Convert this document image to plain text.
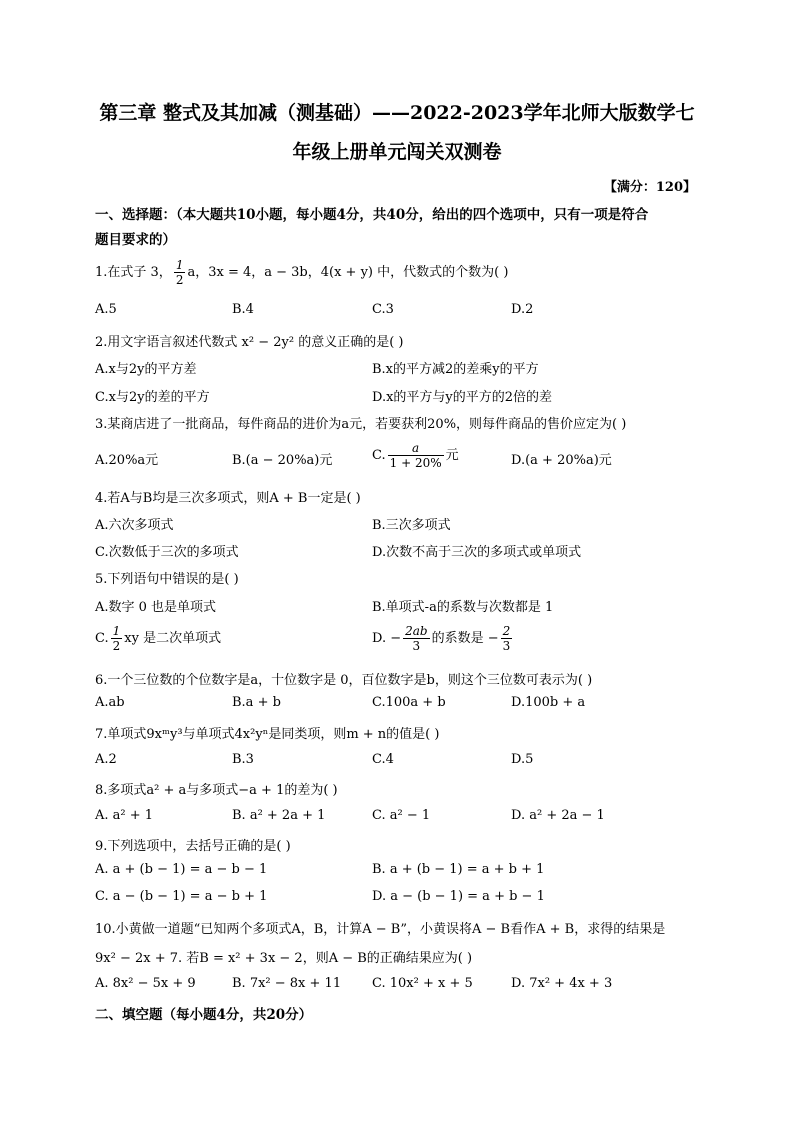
第三章 整式及其加减（测基础）——2022-2023学年北师大版数学七
年级上册单元闯关双测卷
【满分：120】
一、选择题：（本大题共10小题，每小题4分，共40分，给出的四个选项中，只有一项是符合
题目要求的）
1.在式子 3， $\frac{1}{2}$ a，3x = 4，a − 3b，4(x + y) 中，代数式的个数为( )
A.5	B.4	C.3	D.2
2.用文字语言叙述代数式 x² − 2y² 的意义正确的是( )
A.x与2y的平方差	B.x的平方减2的差乘y的平方
C.x与2y的差的平方	D.x的平方与y的平方的2倍的差
3.某商店进了一批商品，每件商品的进价为a元，若要获利20%，则每件商品的售价应定为( )
A.20%a元	B.(a − 20%a)元	C. $\frac{a}{1 + 20\%}$ 元	D.(a + 20%a)元
4.若A与B均是三次多项式，则A + B一定是( )
A.六次多项式	B.三次多项式
C.次数低于三次的多项式	D.次数不高于三次的多项式或单项式
5.下列语句中错误的是( )
A.数字 0 也是单项式	B.单项式-a的系数与次数都是 1
C. $\frac{1}{2}$ xy 是二次单项式	D. − $\frac{2ab}{3}$ 的系数是 − $\frac{2}{3}$
6.一个三位数的个位数字是a，十位数字是 0，百位数字是b，则这个三位数可表示为( )
A.ab	B.a + b	C.100a + b	D.100b + a
7.单项式9xᵐy³与单项式4x²yⁿ是同类项，则m + n的值是( )
A.2	B.3	C.4	D.5
8.多项式a² + a与多项式−a + 1的差为( )
A. a² + 1	B. a² + 2a + 1	C. a² − 1	D. a² + 2a − 1
9.下列选项中，去括号正确的是( )
A. a + (b − 1) = a − b − 1	B. a + (b − 1) = a + b + 1
C. a − (b − 1) = a − b + 1	D. a − (b − 1) = a + b − 1
10.小黄做一道题“已知两个多项式A，B，计算A − B”，小黄误将A − B看作A + B，求得的结果是
9x² − 2x + 7. 若B = x² + 3x − 2，则A − B的正确结果应为( )
A. 8x² − 5x + 9	B. 7x² − 8x + 11 C. 10x² + x + 5	D. 7x² + 4x + 3
二、填空题（每小题4分，共20分）
